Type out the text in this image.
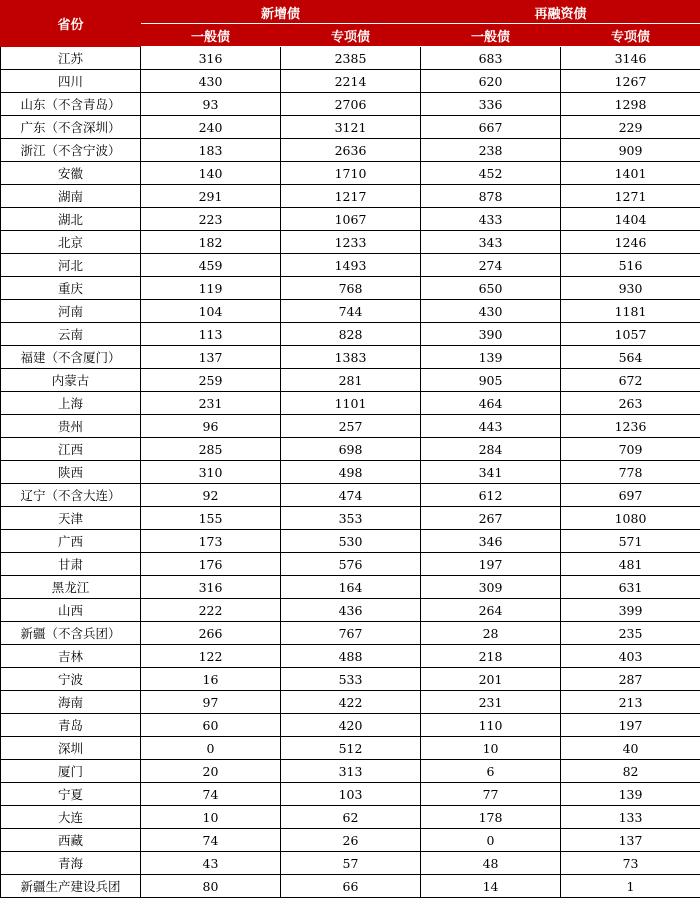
省份	新增债		再融资债	
	一般债	专项债	一般债	专项债
江苏	316	2385	683	3146
四川	430	2214	620	1267
山东（不含青岛）	93	2706	336	1298
广东（不含深圳）	240	3121	667	229
浙江（不含宁波）	183	2636	238	909
安徽	140	1710	452	1401
湖南	291	1217	878	1271
湖北	223	1067	433	1404
北京	182	1233	343	1246
河北	459	1493	274	516
重庆	119	768	650	930
河南	104	744	430	1181
云南	113	828	390	1057
福建（不含厦门）	137	1383	139	564
内蒙古	259	281	905	672
上海	231	1101	464	263
贵州	96	257	443	1236
江西	285	698	284	709
陕西	310	498	341	778
辽宁（不含大连）	92	474	612	697
天津	155	353	267	1080
广西	173	530	346	571
甘肃	176	576	197	481
黑龙江	316	164	309	631
山西	222	436	264	399
新疆（不含兵团）	266	767	28	235
吉林	122	488	218	403
宁波	16	533	201	287
海南	97	422	231	213
青岛	60	420	110	197
深圳	0	512	10	40
厦门	20	313	6	82
宁夏	74	103	77	139
大连	10	62	178	133
西藏	74	26	0	137
青海	43	57	48	73
新疆生产建设兵团	80	66	14	1
